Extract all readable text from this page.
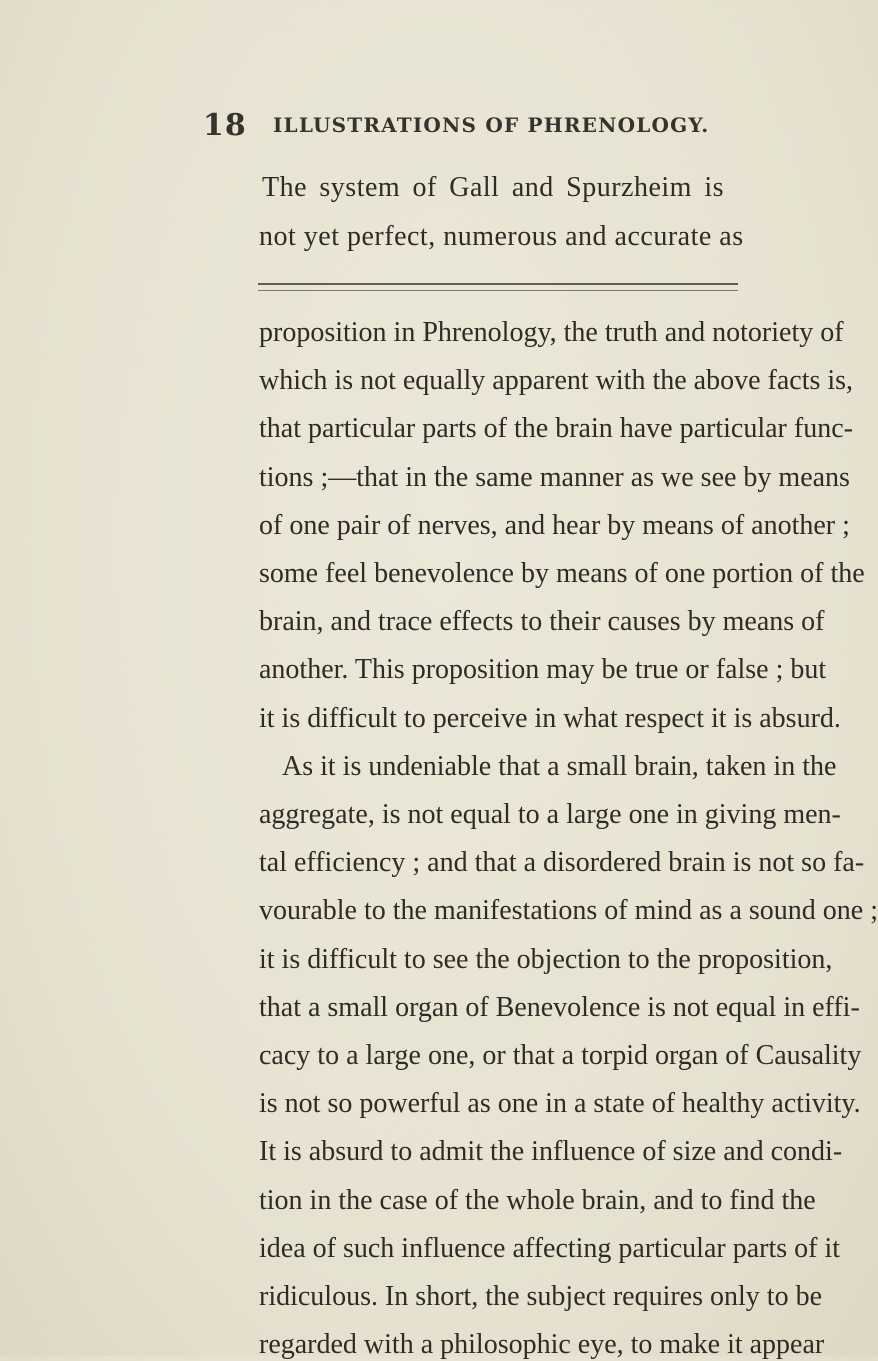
18 ILLUSTRATIONS OF PHRENOLOGY.
The system of Gall and Spurzheim is
not yet perfect, numerous and accurate as
proposition in Phrenology, the truth and notoriety of
which is not equally apparent with the above facts is,
that particular parts of the brain have particular func-
tions ;—that in the same manner as we see by means
of one pair of nerves, and hear by means of another ;
some feel benevolence by means of one portion of the
brain, and trace effects to their causes by means of
another. This proposition may be true or false ; but
it is difficult to perceive in what respect it is absurd.
As it is undeniable that a small brain, taken in the
aggregate, is not equal to a large one in giving men-
tal efficiency ; and that a disordered brain is not so fa-
vourable to the manifestations of mind as a sound one ;
it is difficult to see the objection to the proposition,
that a small organ of Benevolence is not equal in effi-
cacy to a large one, or that a torpid organ of Causality
is not so powerful as one in a state of healthy activity.
It is absurd to admit the influence of size and condi-
tion in the case of the whole brain, and to find the
idea of such influence affecting particular parts of it
ridiculous. In short, the subject requires only to be
regarded with a philosophic eye, to make it appear
